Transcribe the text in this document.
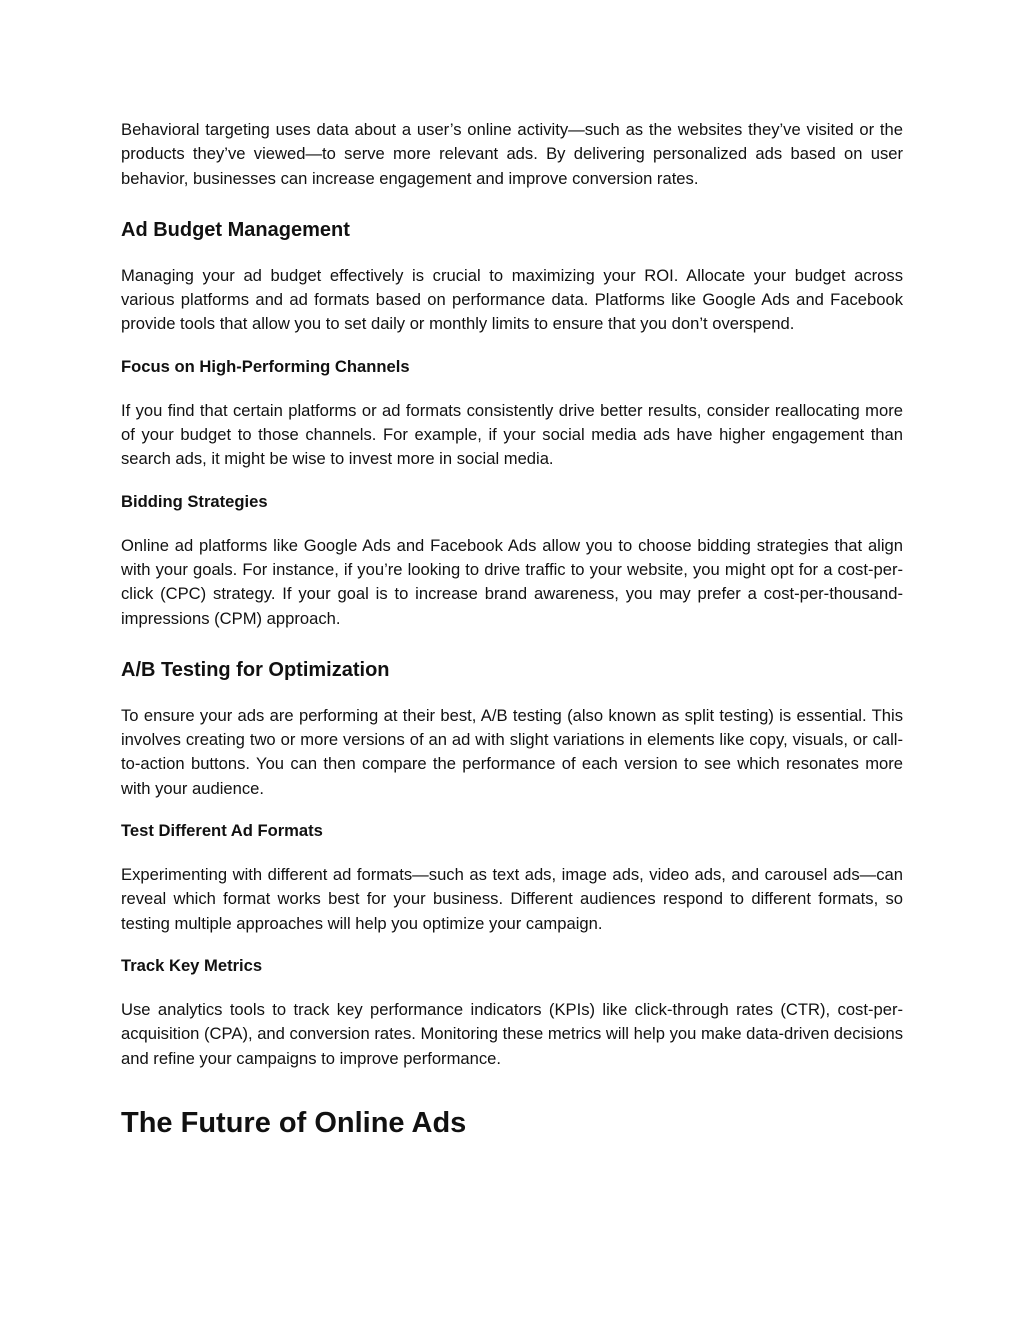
Behavioral targeting uses data about a user’s online activity—such as the websites they’ve visited or the products they’ve viewed—to serve more relevant ads. By delivering personalized ads based on user behavior, businesses can increase engagement and improve conversion rates.

Ad Budget Management

Managing your ad budget effectively is crucial to maximizing your ROI. Allocate your budget across various platforms and ad formats based on performance data. Platforms like Google Ads and Facebook provide tools that allow you to set daily or monthly limits to ensure that you don’t overspend.

Focus on High-Performing Channels

If you find that certain platforms or ad formats consistently drive better results, consider reallocating more of your budget to those channels. For example, if your social media ads have higher engagement than search ads, it might be wise to invest more in social media.

Bidding Strategies

Online ad platforms like Google Ads and Facebook Ads allow you to choose bidding strategies that align with your goals. For instance, if you’re looking to drive traffic to your website, you might opt for a cost-per-click (CPC) strategy. If your goal is to increase brand awareness, you may prefer a cost-per-thousand-impressions (CPM) approach.

A/B Testing for Optimization

To ensure your ads are performing at their best, A/B testing (also known as split testing) is essential. This involves creating two or more versions of an ad with slight variations in elements like copy, visuals, or call-to-action buttons. You can then compare the performance of each version to see which resonates more with your audience.

Test Different Ad Formats

Experimenting with different ad formats—such as text ads, image ads, video ads, and carousel ads—can reveal which format works best for your business. Different audiences respond to different formats, so testing multiple approaches will help you optimize your campaign.

Track Key Metrics

Use analytics tools to track key performance indicators (KPIs) like click-through rates (CTR), cost-per-acquisition (CPA), and conversion rates. Monitoring these metrics will help you make data-driven decisions and refine your campaigns to improve performance.

The Future of Online Ads
